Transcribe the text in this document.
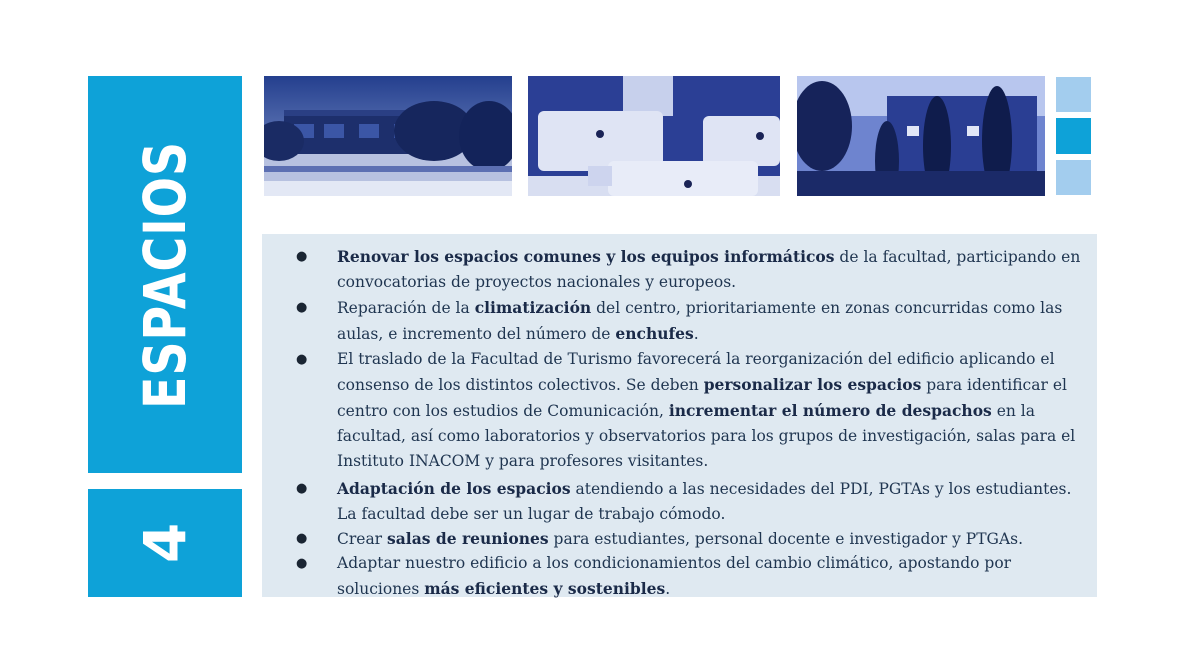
ESPACIOS
4
● Renovar los espacios comunes y los equipos informáticos de la facultad, participando en convocatorias de proyectos nacionales y europeos.
● Reparación de la climatización del centro, prioritariamente en zonas concurridas como las aulas, e incremento del número de enchufes.
● El traslado de la Facultad de Turismo favorecerá la reorganización del edificio aplicando el consenso de los distintos colectivos. Se deben personalizar los espacios para identificar el centro con los estudios de Comunicación, incrementar el número de despachos en la facultad, así como laboratorios y observatorios para los grupos de investigación, salas para el Instituto INACOM y para profesores visitantes.
● Adaptación de los espacios atendiendo a las necesidades del PDI, PGTAs y los estudiantes. La facultad debe ser un lugar de trabajo cómodo.
● Crear salas de reuniones para estudiantes, personal docente e investigador y PTGAs.
● Adaptar nuestro edificio a los condicionamientos del cambio climático, apostando por soluciones más eficientes y sostenibles.
